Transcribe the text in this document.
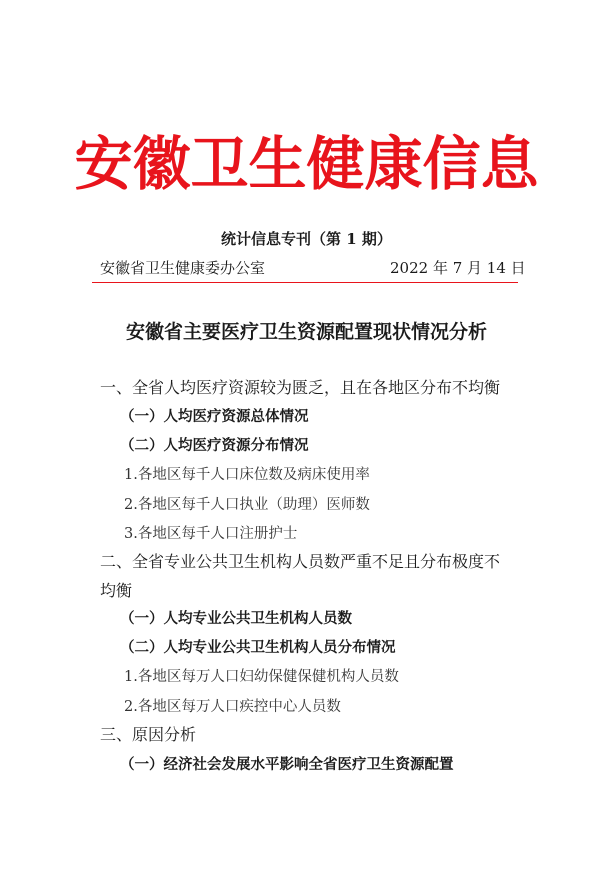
安徽卫生健康信息
统计信息专刊（第 1 期）
安徽省卫生健康委办公室	2022 年 7 月 14 日
安徽省主要医疗卫生资源配置现状情况分析
一、全省人均医疗资源较为匮乏，且在各地区分布不均衡
（一）人均医疗资源总体情况
（二）人均医疗资源分布情况
1.各地区每千人口床位数及病床使用率
2.各地区每千人口执业（助理）医师数
3.各地区每千人口注册护士
二、全省专业公共卫生机构人员数严重不足且分布极度不
均衡
（一）人均专业公共卫生机构人员数
（二）人均专业公共卫生机构人员分布情况
1.各地区每万人口妇幼保健保健机构人员数
2.各地区每万人口疾控中心人员数
三、原因分析
（一）经济社会发展水平影响全省医疗卫生资源配置
